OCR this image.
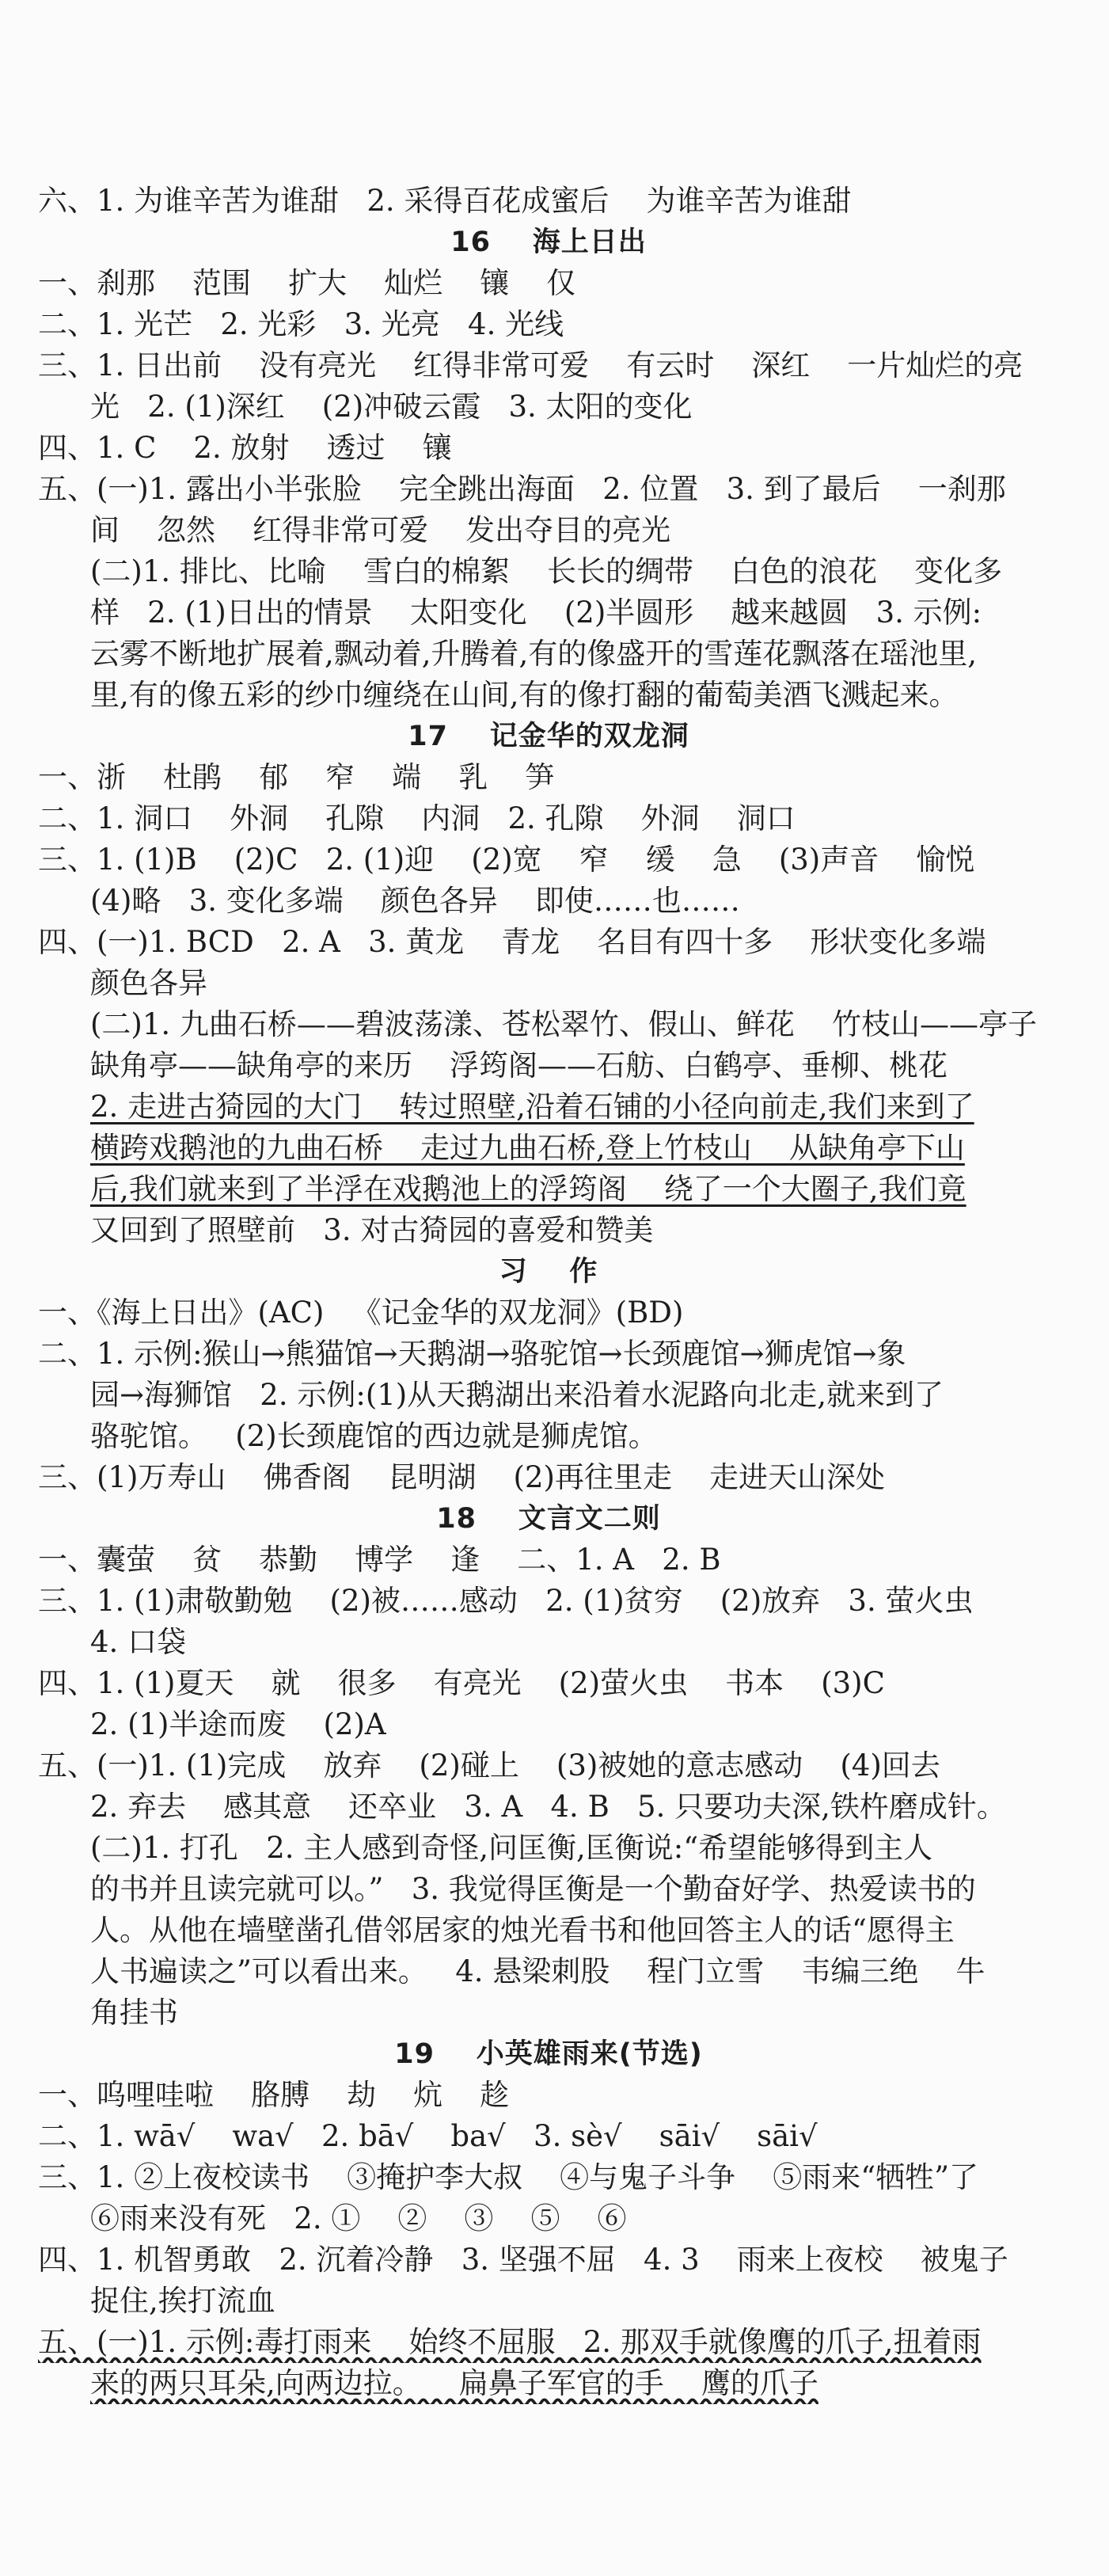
六、1. 为谁辛苦为谁甜   2. 采得百花成蜜后    为谁辛苦为谁甜
16    海上日出
一、刹那    范围    扩大    灿烂    镶    仅
二、1. 光芒   2. 光彩   3. 光亮   4. 光线
三、1. 日出前    没有亮光    红得非常可爱    有云时    深红    一片灿烂的亮
光   2. (1)深红    (2)冲破云霞   3. 太阳的变化
四、1. C    2. 放射    透过    镶
五、(一)1. 露出小半张脸    完全跳出海面   2. 位置   3. 到了最后    一刹那
间    忽然    红得非常可爱    发出夺目的亮光
(二)1. 排比、比喻    雪白的棉絮    长长的绸带    白色的浪花    变化多
样   2. (1)日出的情景    太阳变化    (2)半圆形    越来越圆   3. 示例:
云雾不断地扩展着,飘动着,升腾着,有的像盛开的雪莲花飘落在瑶池里,
里,有的像五彩的纱巾缠绕在山间,有的像打翻的葡萄美酒飞溅起来。
17    记金华的双龙洞
一、浙    杜鹃    郁    窄    端    乳    笋
二、1. 洞口    外洞    孔隙    内洞   2. 孔隙    外洞    洞口
三、1. (1)B    (2)C   2. (1)迎    (2)宽    窄    缓    急    (3)声音    愉悦
(4)略   3. 变化多端    颜色各异    即使……也……
四、(一)1. BCD   2. A   3. 黄龙    青龙    名目有四十多    形状变化多端
颜色各异
(二)1. 九曲石桥——碧波荡漾、苍松翠竹、假山、鲜花    竹枝山——亭子
缺角亭——缺角亭的来历    浮筠阁——石舫、白鹤亭、垂柳、桃花
2. 走进古猗园的大门    转过照壁,沿着石铺的小径向前走,我们来到了
横跨戏鹅池的九曲石桥    走过九曲石桥,登上竹枝山    从缺角亭下山
后,我们就来到了半浮在戏鹅池上的浮筠阁    绕了一个大圈子,我们竟
又回到了照壁前   3. 对古猗园的喜爱和赞美
习    作
一、《海上日出》(AC)   《记金华的双龙洞》(BD)
二、1. 示例:猴山→熊猫馆→天鹅湖→骆驼馆→长颈鹿馆→狮虎馆→象
园→海狮馆   2. 示例:(1)从天鹅湖出来沿着水泥路向北走,就来到了
骆驼馆。   (2)长颈鹿馆的西边就是狮虎馆。
三、(1)万寿山    佛香阁    昆明湖    (2)再往里走    走进天山深处
18    文言文二则
一、囊萤    贫    恭勤    博学    逢    二、1. A   2. B
三、1. (1)肃敬勤勉    (2)被……感动   2. (1)贫穷    (2)放弃   3. 萤火虫
4. 口袋
四、1. (1)夏天    就    很多    有亮光    (2)萤火虫    书本    (3)C
2. (1)半途而废    (2)A
五、(一)1. (1)完成    放弃    (2)碰上    (3)被她的意志感动    (4)回去
2. 弃去    感其意    还卒业   3. A   4. B   5. 只要功夫深,铁杵磨成针。
(二)1. 打孔   2. 主人感到奇怪,问匡衡,匡衡说:“希望能够得到主人
的书并且读完就可以。”   3. 我觉得匡衡是一个勤奋好学、热爱读书的
人。从他在墙壁凿孔借邻居家的烛光看书和他回答主人的话“愿得主
人书遍读之”可以看出来。   4. 悬梁刺股    程门立雪    韦编三绝    牛
角挂书
19    小英雄雨来(节选)
一、呜哩哇啦    胳膊    劫    炕    趁
二、1. wā√    wa√   2. bā√    ba√   3. sè√    sāi√    sāi√
三、1. ②上夜校读书    ③掩护李大叔    ④与鬼子斗争    ⑤雨来“牺牲”了
⑥雨来没有死   2. ①    ②    ③    ⑤    ⑥
四、1. 机智勇敢   2. 沉着冷静   3. 坚强不屈   4. 3    雨来上夜校    被鬼子
捉住,挨打流血
五、(一)1. 示例:毒打雨来    始终不屈服   2. 那双手就像鹰的爪子,扭着雨
来的两只耳朵,向两边拉。    扁鼻子军官的手    鹰的爪子
